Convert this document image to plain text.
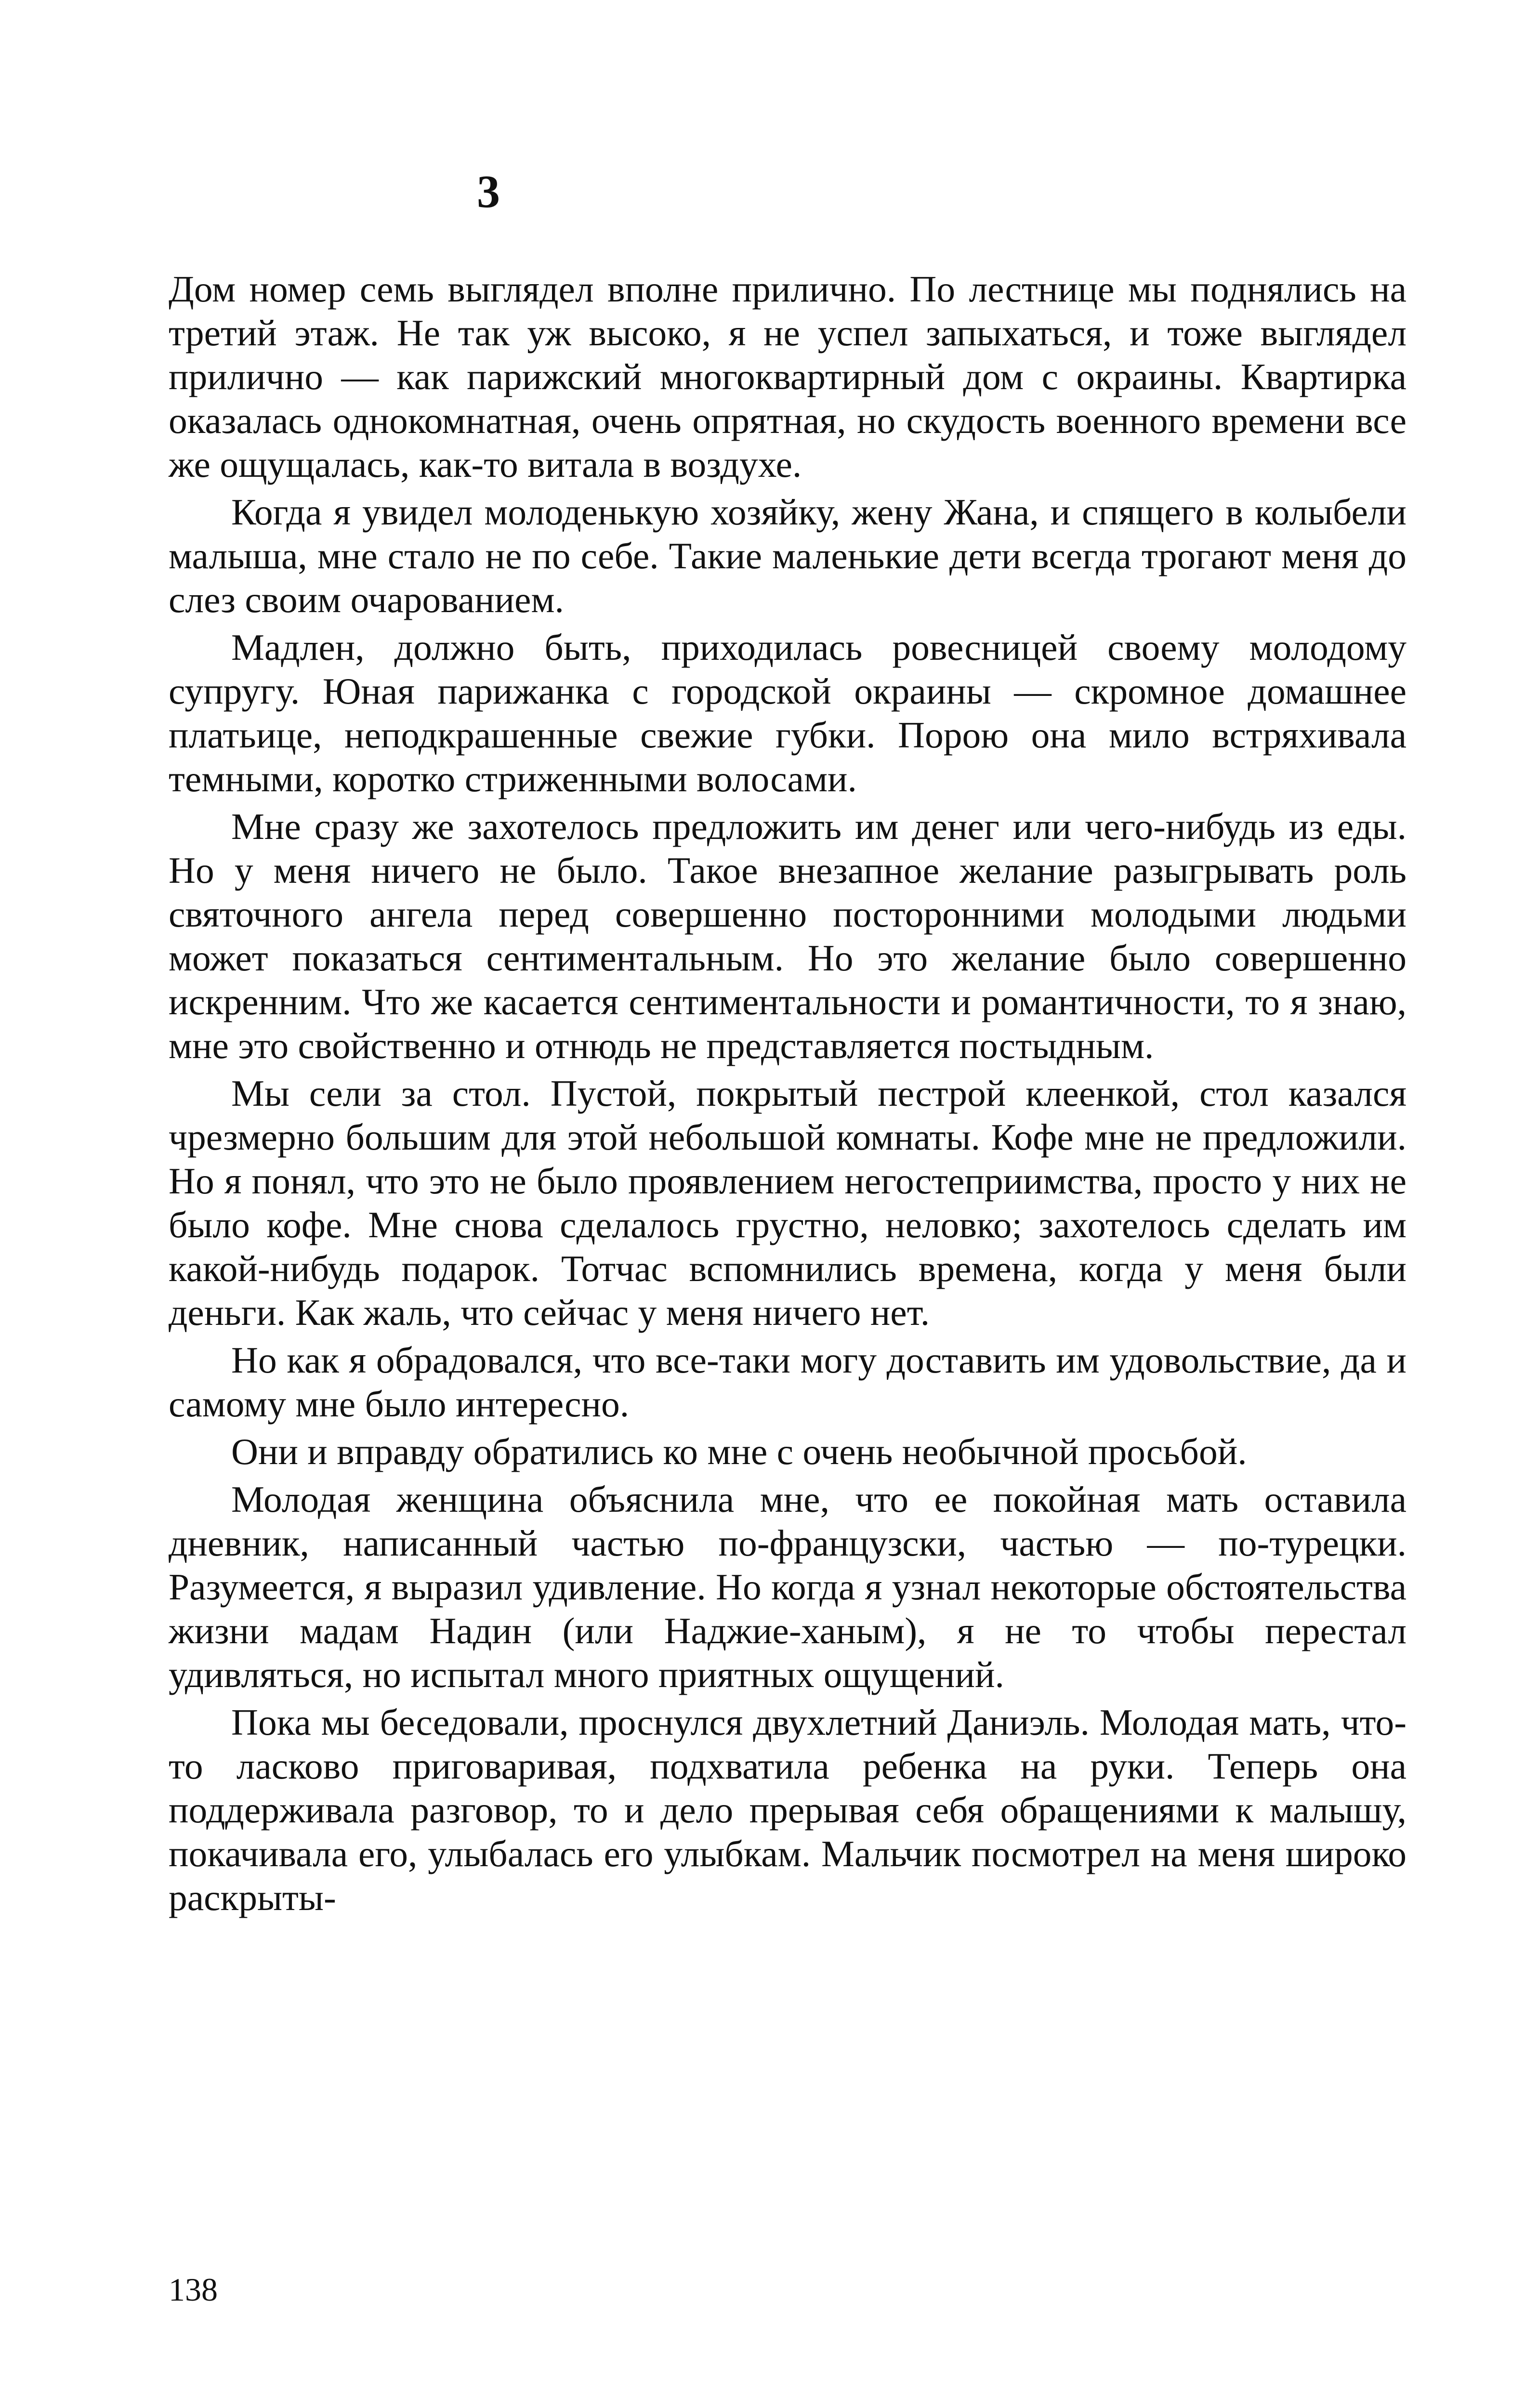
3

Дом номер семь выглядел вполне прилично. По лестнице мы поднялись на третий этаж. Не так уж высоко, я не успел запыхаться, и тоже выглядел прилично — как парижский многоквартирный дом с окраины. Квартирка оказалась однокомнатная, очень опрятная, но скудость военного времени все же ощущалась, как-то витала в воздухе.

Когда я увидел молоденькую хозяйку, жену Жана, и спящего в колыбели малыша, мне стало не по себе. Такие маленькие дети всегда трогают меня до слез своим очарованием.

Мадлен, должно быть, приходилась ровесницей своему молодому супругу. Юная парижанка с городской окраины — скромное домашнее платьице, неподкрашенные свежие губки. Порою она мило встряхивала темными, коротко стриженными волосами.

Мне сразу же захотелось предложить им денег или чего-нибудь из еды. Но у меня ничего не было. Такое внезапное желание разыгрывать роль святочного ангела перед совершенно посторонними молодыми людьми может показаться сентиментальным. Но это желание было совершенно искренним. Что же касается сентиментальности и романтичности, то я знаю, мне это свойственно и отнюдь не представляется постыдным.

Мы сели за стол. Пустой, покрытый пестрой клеенкой, стол казался чрезмерно большим для этой небольшой комнаты. Кофе мне не предложили. Но я понял, что это не было проявлением негостеприимства, просто у них не было кофе. Мне снова сделалось грустно, неловко; захотелось сделать им какой-нибудь подарок. Тотчас вспомнились времена, когда у меня были деньги. Как жаль, что сейчас у меня ничего нет.

Но как я обрадовался, что все-таки могу доставить им удовольствие, да и самому мне было интересно.

Они и вправду обратились ко мне с очень необычной просьбой.

Молодая женщина объяснила мне, что ее покойная мать оставила дневник, написанный частью по-французски, частью — по-турецки. Разумеется, я выразил удивление. Но когда я узнал некоторые обстоятельства жизни мадам Надин (или Наджие-ханым), я не то чтобы перестал удивляться, но испытал много приятных ощущений.

Пока мы беседовали, проснулся двухлетний Даниэль. Молодая мать, что-то ласково приговаривая, подхватила ребенка на руки. Теперь она поддерживала разговор, то и дело прерывая себя обращениями к малышу, покачивала его, улыбалась его улыбкам. Мальчик посмотрел на меня широко раскрыты-

138
